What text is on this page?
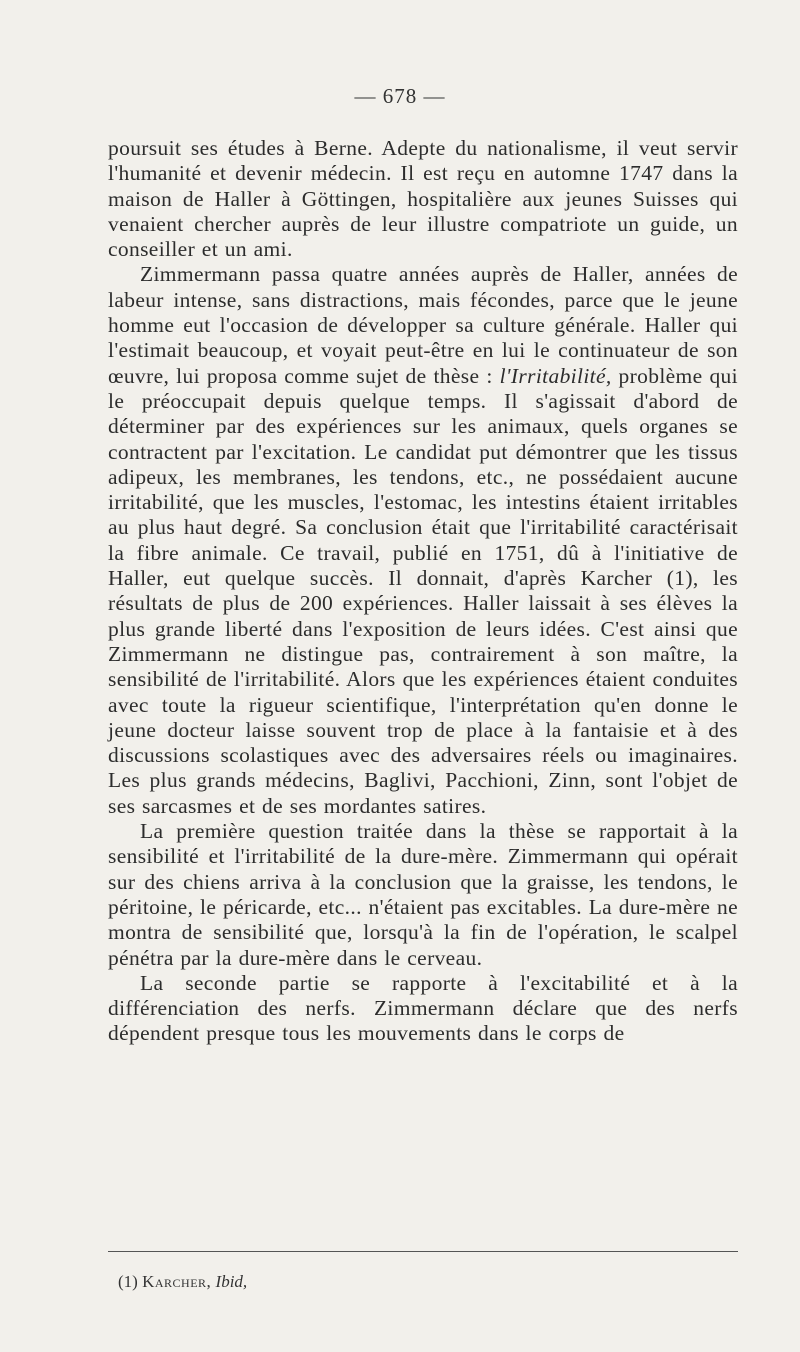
— 678 —

poursuit ses études à Berne. Adepte du nationalisme, il veut servir l'humanité et devenir médecin. Il est reçu en automne 1747 dans la maison de Haller à Göttingen, hospitalière aux jeunes Suisses qui venaient chercher auprès de leur illustre compatriote un guide, un conseiller et un ami.

Zimmermann passa quatre années auprès de Haller, années de labeur intense, sans distractions, mais fécondes, parce que le jeune homme eut l'occasion de développer sa culture générale. Haller qui l'estimait beaucoup, et voyait peut-être en lui le continuateur de son œuvre, lui proposa comme sujet de thèse : l'Irritabilité, problème qui le préoccupait depuis quelque temps. Il s'agissait d'abord de déterminer par des expériences sur les animaux, quels organes se contractent par l'excitation. Le candidat put démontrer que les tissus adipeux, les membranes, les tendons, etc., ne possédaient aucune irritabilité, que les muscles, l'estomac, les intestins étaient irritables au plus haut degré. Sa conclusion était que l'irritabilité caractérisait la fibre animale. Ce travail, publié en 1751, dû à l'initiative de Haller, eut quelque succès. Il donnait, d'après Karcher (1), les résultats de plus de 200 expériences. Haller laissait à ses élèves la plus grande liberté dans l'exposition de leurs idées. C'est ainsi que Zimmermann ne distingue pas, contrairement à son maître, la sensibilité de l'irritabilité. Alors que les expériences étaient conduites avec toute la rigueur scientifique, l'interprétation qu'en donne le jeune docteur laisse souvent trop de place à la fantaisie et à des discussions scolastiques avec des adversaires réels ou imaginaires. Les plus grands médecins, Baglivi, Pacchioni, Zinn, sont l'objet de ses sarcasmes et de ses mordantes satires.

La première question traitée dans la thèse se rapportait à la sensibilité et l'irritabilité de la dure-mère. Zimmermann qui opérait sur des chiens arriva à la conclusion que la graisse, les tendons, le péritoine, le péricarde, etc... n'étaient pas excitables. La dure-mère ne montra de sensibilité que, lorsqu'à la fin de l'opération, le scalpel pénétra par la dure-mère dans le cerveau.

La seconde partie se rapporte à l'excitabilité et à la différenciation des nerfs. Zimmermann déclare que des nerfs dépendent presque tous les mouvements dans le corps de

(1) Karcher, Ibid,
